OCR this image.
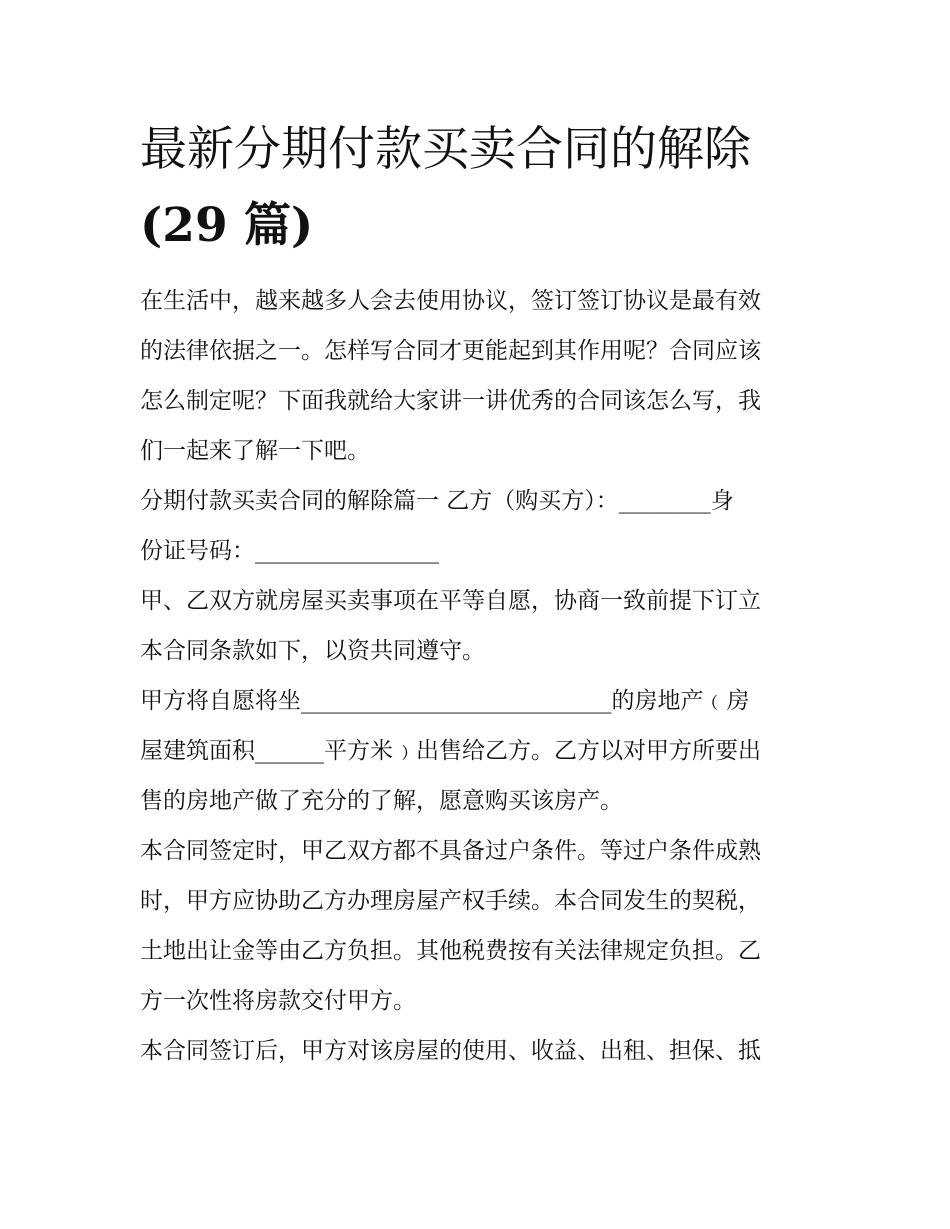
最新分期付款买卖合同的解除
(29 篇)

在生活中，越来越多人会去使用协议，签订签订协议是最有效
的法律依据之一。怎样写合同才更能起到其作用呢？合同应该
怎么制定呢？下面我就给大家讲一讲优秀的合同该怎么写，我
们一起来了解一下吧。

分期付款买卖合同的解除篇一 乙方（购买方）：________身
份证号码：________________

甲、乙双方就房屋买卖事项在平等自愿，协商一致前提下订立
本合同条款如下，以资共同遵守。

甲方将自愿将坐___________________________的房地产﹙房
屋建筑面积______平方米﹚出售给乙方。乙方以对甲方所要出
售的房地产做了充分的了解，愿意购买该房产。

本合同签定时，甲乙双方都不具备过户条件。等过户条件成熟
时，甲方应协助乙方办理房屋产权手续。本合同发生的契税，
土地出让金等由乙方负担。其他税费按有关法律规定负担。乙
方一次性将房款交付甲方。

本合同签订后，甲方对该房屋的使用、收益、出租、担保、抵
